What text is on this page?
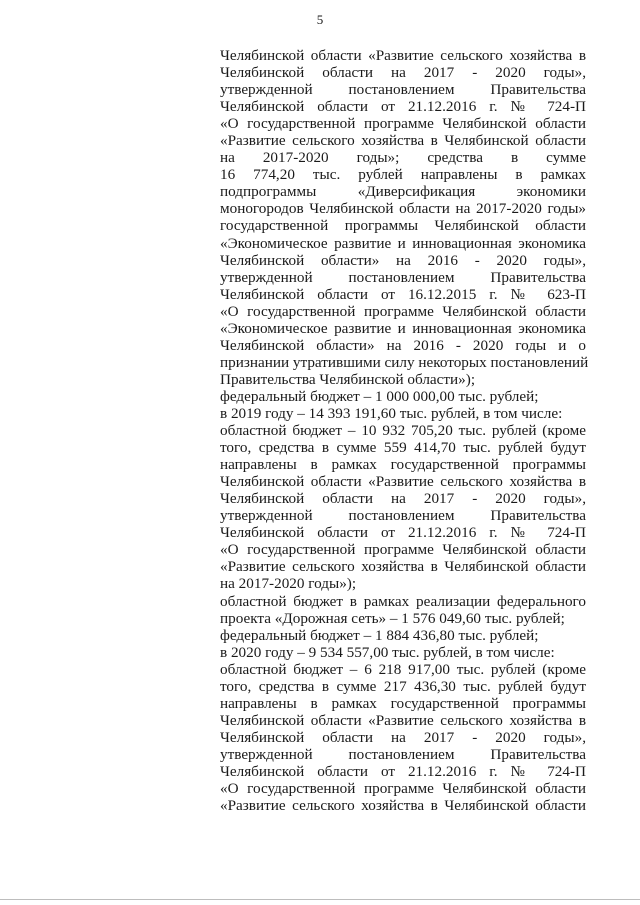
5
Челябинской области «Развитие сельского хозяйства в
Челябинской области на 2017 - 2020 годы»,
утвержденной постановлением Правительства
Челябинской области от 21.12.2016 г. № 724-П
«О государственной программе Челябинской области
«Развитие сельского хозяйства в Челябинской области
на 2017-2020 годы»; средства в сумме
16 774,20 тыс. рублей направлены в рамках
подпрограммы «Диверсификация экономики
моногородов Челябинской области на 2017-2020 годы»
государственной программы Челябинской области
«Экономическое развитие и инновационная экономика
Челябинской области» на 2016 - 2020 годы»,
утвержденной постановлением Правительства
Челябинской области от 16.12.2015 г. № 623-П
«О государственной программе Челябинской области
«Экономическое развитие и инновационная экономика
Челябинской области» на 2016 - 2020 годы и о
признании утратившими силу некоторых постановлений
Правительства Челябинской области»);
федеральный бюджет – 1 000 000,00 тыс. рублей;
в 2019 году – 14 393 191,60 тыс. рублей, в том числе:
областной бюджет – 10 932 705,20 тыс. рублей (кроме
того, средства в сумме 559 414,70 тыс. рублей будут
направлены в рамках государственной программы
Челябинской области «Развитие сельского хозяйства в
Челябинской области на 2017 - 2020 годы»,
утвержденной постановлением Правительства
Челябинской области от 21.12.2016 г. № 724-П
«О государственной программе Челябинской области
«Развитие сельского хозяйства в Челябинской области
на 2017-2020 годы»);
областной бюджет в рамках реализации федерального
проекта «Дорожная сеть» – 1 576 049,60 тыс. рублей;
федеральный бюджет – 1 884 436,80 тыс. рублей;
в 2020 году – 9 534 557,00 тыс. рублей, в том числе:
областной бюджет – 6 218 917,00 тыс. рублей (кроме
того, средства в сумме 217 436,30 тыс. рублей будут
направлены в рамках государственной программы
Челябинской области «Развитие сельского хозяйства в
Челябинской области на 2017 - 2020 годы»,
утвержденной постановлением Правительства
Челябинской области от 21.12.2016 г. № 724-П
«О государственной программе Челябинской области
«Развитие сельского хозяйства в Челябинской области
